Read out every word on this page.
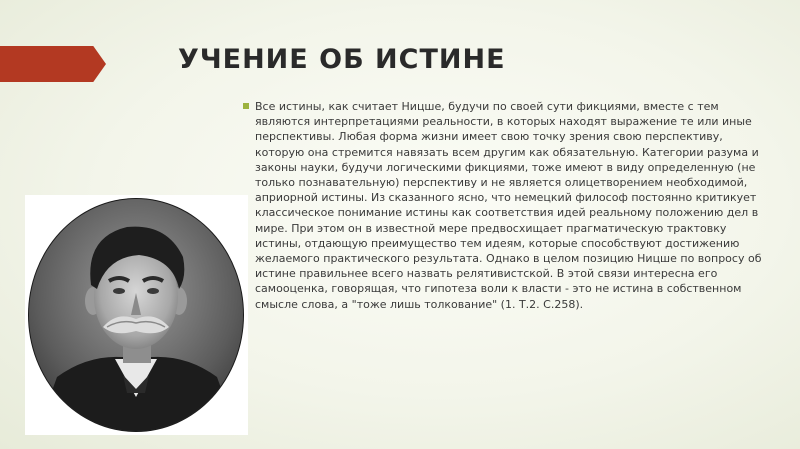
УЧЕНИЕ ОБ ИСТИНЕ

Все истины, как считает Ницше, будучи по своей сути фикциями, вместе с тем являются интерпретациями реальности, в которых находят выражение те или иные перспективы. Любая форма жизни имеет свою точку зрения свою перспективу, которую она стремится навязать всем другим как обязательную. Категории разума и законы науки, будучи логическими фикциями, тоже имеют в виду определенную (не только познавательную) перспективу и не является олицетворением необходимой, априорной истины. Из сказанного ясно, что немецкий философ постоянно критикует классическое понимание истины как соответствия идей реальному положению дел в мире. При этом он в известной мере предвосхищает прагматическую трактовку истины, отдающую преимущество тем идеям, которые способствуют достижению желаемого практического результата. Однако в целом позицию Ницше по вопросу об истине правильнее всего назвать релятивистской. В этой связи интересна его самооценка, говорящая, что гипотеза воли к власти - это не истина в собственном смысле слова, а "тоже лишь толкование" (1. Т.2. С.258).
